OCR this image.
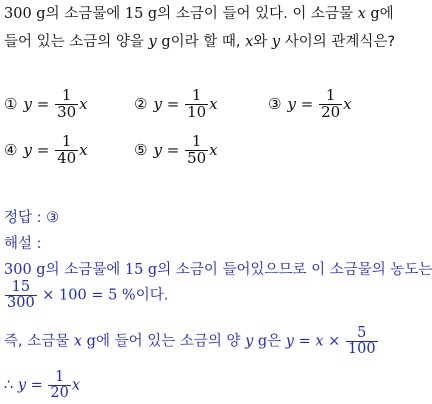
300 g의 소금물에 15 g의 소금이 들어 있다. 이 소금물 x g에
들어 있는 소금의 양을 y g이라 할 때, x와 y 사이의 관계식은?
① $y = \frac{1}{30}$ x	② $y = \frac{1}{10}$ x	③ $y = \frac{1}{20}$ x
④ $y = \frac{1}{40}$ x	⑤ $y = \frac{1}{50}$ x
정답 : ③
해설 :
300 g의 소금물에 15 g의 소금이 들어있으므로 이 소금물의 농도는
$\frac{15}{300} \times 100 = 5$ %이다.
즉, 소금물 x g에 들어 있는 소금의 양 y g은 $y = x \times \frac{5}{100}$
∴ $y = \frac{1}{20}$ x
